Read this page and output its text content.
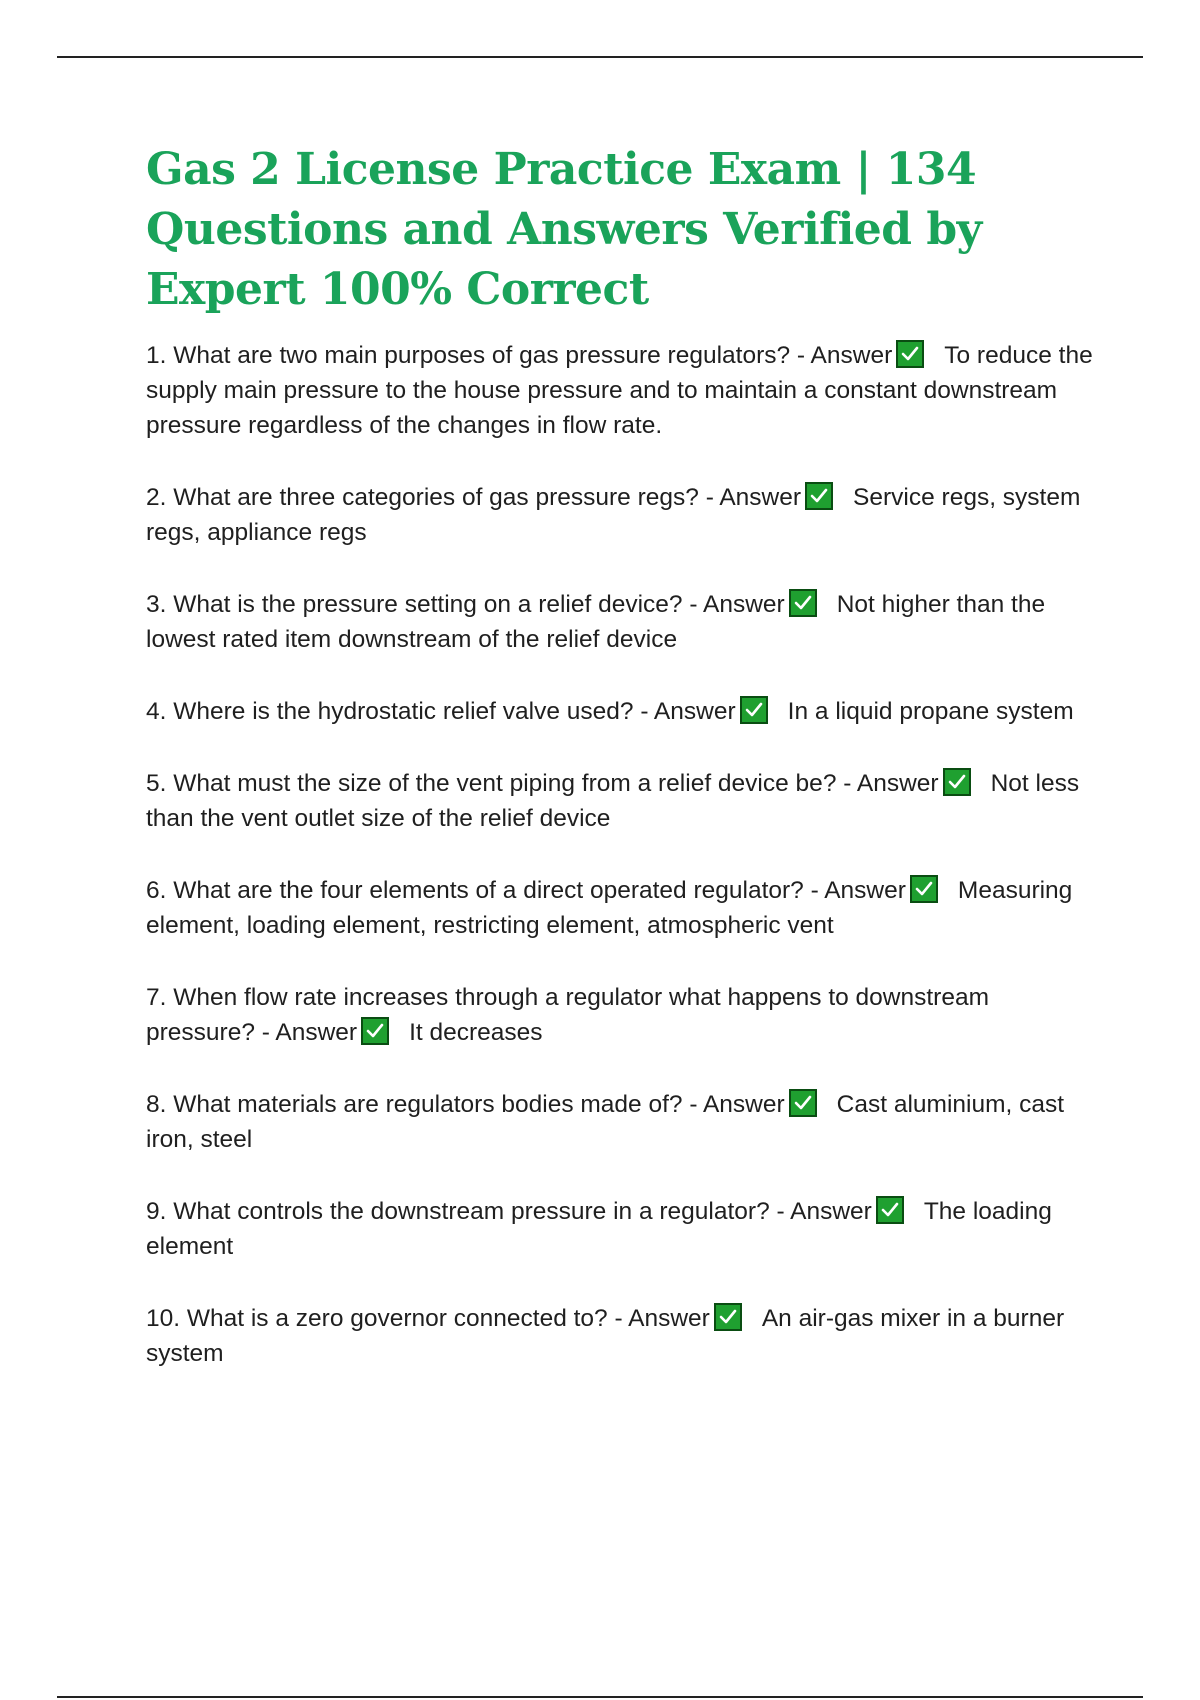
Gas 2 License Practice Exam | 134 Questions and Answers Verified by Expert 100% Correct
1. What are two main purposes of gas pressure regulators? - Answer To reduce the supply main pressure to the house pressure and to maintain a constant downstream pressure regardless of the changes in flow rate.
2. What are three categories of gas pressure regs? - Answer Service regs, system regs, appliance regs
3. What is the pressure setting on a relief device? - Answer Not higher than the lowest rated item downstream of the relief device
4. Where is the hydrostatic relief valve used? - Answer In a liquid propane system
5. What must the size of the vent piping from a relief device be? - Answer Not less than the vent outlet size of the relief device
6. What are the four elements of a direct operated regulator? - Answer Measuring element, loading element, restricting element, atmospheric vent
7. When flow rate increases through a regulator what happens to downstream pressure? - Answer It decreases
8. What materials are regulators bodies made of? - Answer Cast aluminium, cast iron, steel
9. What controls the downstream pressure in a regulator? - Answer The loading element
10. What is a zero governor connected to? - Answer An air-gas mixer in a burner system
